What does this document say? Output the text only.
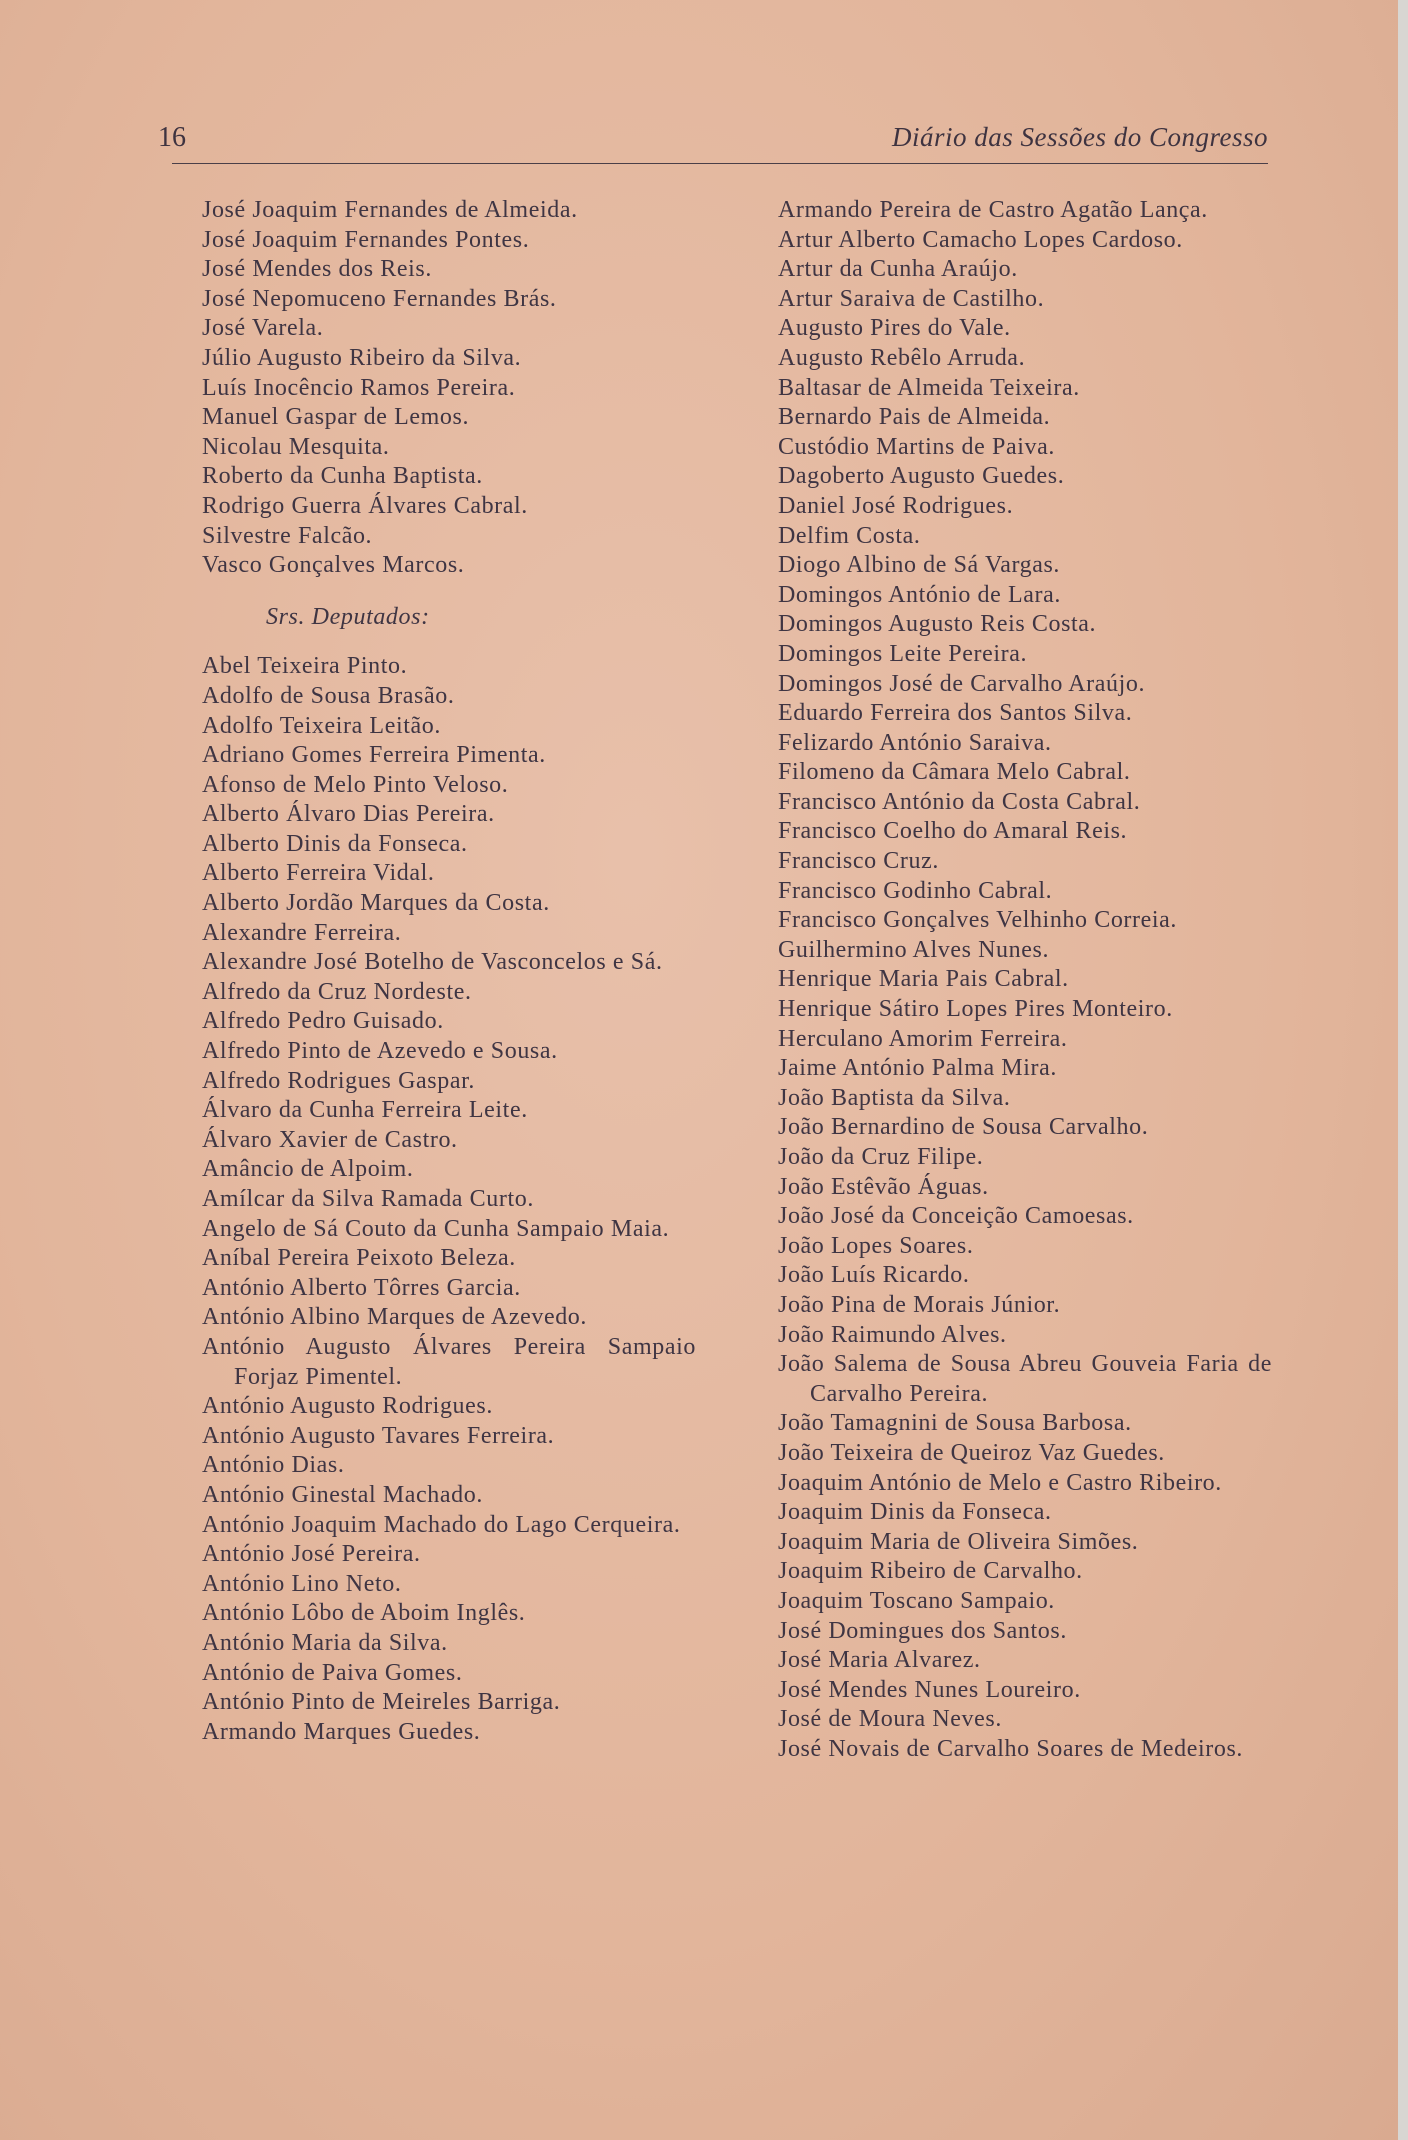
16	Diário das Sessões do Congresso

José Joaquim Fernandes de Almeida.

José Joaquim Fernandes Pontes.

José Mendes dos Reis.

José Nepomuceno Fernandes Brás.

José Varela.

Júlio Augusto Ribeiro da Silva.

Luís Inocêncio Ramos Pereira.

Manuel Gaspar de Lemos.

Nicolau Mesquita.

Roberto da Cunha Baptista.

Rodrigo Guerra Álvares Cabral.

Silvestre Falcão.

Vasco Gonçalves Marcos.

Srs. Deputados:

Abel Teixeira Pinto.

Adolfo de Sousa Brasão.

Adolfo Teixeira Leitão.

Adriano Gomes Ferreira Pimenta.

Afonso de Melo Pinto Veloso.

Alberto Álvaro Dias Pereira.

Alberto Dinis da Fonseca.

Alberto Ferreira Vidal.

Alberto Jordão Marques da Costa.

Alexandre Ferreira.

Alexandre José Botelho de Vasconcelos e Sá.

Alfredo da Cruz Nordeste.

Alfredo Pedro Guisado.

Alfredo Pinto de Azevedo e Sousa.

Alfredo Rodrigues Gaspar.

Álvaro da Cunha Ferreira Leite.

Álvaro Xavier de Castro.

Amâncio de Alpoim.

Amílcar da Silva Ramada Curto.

Angelo de Sá Couto da Cunha Sampaio Maia.

Aníbal Pereira Peixoto Beleza.

António Alberto Tôrres Garcia.

António Albino Marques de Azevedo.

António Augusto Álvares Pereira Sampaio Forjaz Pimentel.

António Augusto Rodrigues.

António Augusto Tavares Ferreira.

António Dias.

António Ginestal Machado.

António Joaquim Machado do Lago Cerqueira.

António José Pereira.

António Lino Neto.

António Lôbo de Aboim Inglês.

António Maria da Silva.

António de Paiva Gomes.

António Pinto de Meireles Barriga.

Armando Marques Guedes.

Armando Pereira de Castro Agatão Lança.

Artur Alberto Camacho Lopes Cardoso.

Artur da Cunha Araújo.

Artur Saraiva de Castilho.

Augusto Pires do Vale.

Augusto Rebêlo Arruda.

Baltasar de Almeida Teixeira.

Bernardo Pais de Almeida.

Custódio Martins de Paiva.

Dagoberto Augusto Guedes.

Daniel José Rodrigues.

Delfim Costa.

Diogo Albino de Sá Vargas.

Domingos António de Lara.

Domingos Augusto Reis Costa.

Domingos Leite Pereira.

Domingos José de Carvalho Araújo.

Eduardo Ferreira dos Santos Silva.

Felizardo António Saraiva.

Filomeno da Câmara Melo Cabral.

Francisco António da Costa Cabral.

Francisco Coelho do Amaral Reis.

Francisco Cruz.

Francisco Godinho Cabral.

Francisco Gonçalves Velhinho Correia.

Guilhermino Alves Nunes.

Henrique Maria Pais Cabral.

Henrique Sátiro Lopes Pires Monteiro.

Herculano Amorim Ferreira.

Jaime António Palma Mira.

João Baptista da Silva.

João Bernardino de Sousa Carvalho.

João da Cruz Filipe.

João Estêvão Águas.

João José da Conceição Camoesas.

João Lopes Soares.

João Luís Ricardo.

João Pina de Morais Júnior.

João Raimundo Alves.

João Salema de Sousa Abreu Gouveia Faria de Carvalho Pereira.

João Tamagnini de Sousa Barbosa.

João Teixeira de Queiroz Vaz Guedes.

Joaquim António de Melo e Castro Ribeiro.

Joaquim Dinis da Fonseca.

Joaquim Maria de Oliveira Simões.

Joaquim Ribeiro de Carvalho.

Joaquim Toscano Sampaio.

José Domingues dos Santos.

José Maria Alvarez.

José Mendes Nunes Loureiro.

José de Moura Neves.

José Novais de Carvalho Soares de Medeiros.
